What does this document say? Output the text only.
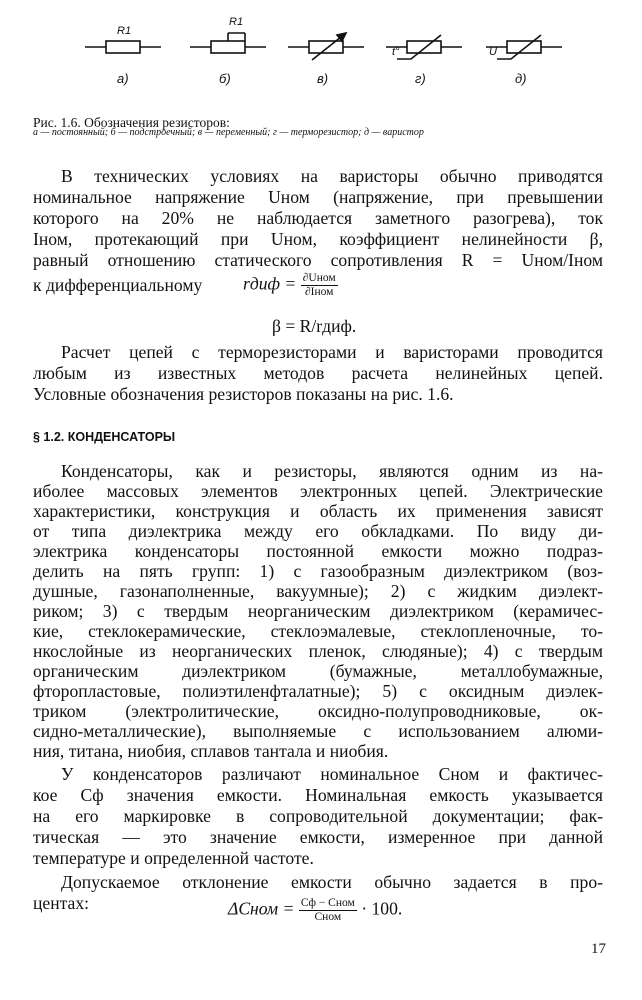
R1
R1
t°	U
а)	б)	в)	г)	д)
Рис. 1.6. Обозначения резисторов:
а — постоянный; б — подстроечный; в — переменный; г — терморезистор; д — варистор
В технических условиях на варисторы обычно приводятся
номинальное напряжение Uном (напряжение, при превышении
которого на 20% не наблюдается заметного разогрева), ток
Iном, протекающий при Uном, коэффициент нелинейности β,
равный отношению статического сопротивления R = Uном/Iном
к дифференциальному	rдиф = $\frac{\text{∂Uном}}{\text{∂Iном}}$
β = R/rдиф.
Расчет цепей с терморезисторами и варисторами проводится
любым из известных методов расчета нелинейных цепей.
Условные обозначения резисторов показаны на рис. 1.6.
§ 1.2. КОНДЕНСАТОРЫ
Конденсаторы, как и резисторы, являются одним из на-
иболее массовых элементов электронных цепей. Электрические
характеристики, конструкция и область их применения зависят
от типа диэлектрика между его обкладками. По виду ди-
электрика конденсаторы постоянной емкости можно подраз-
делить на пять групп: 1) с газообразным диэлектриком (воз-
душные, газонаполненные, вакуумные); 2) с жидким диэлект-
риком; 3) с твердым неорганическим диэлектриком (керамичес-
кие, стеклокерамические, стеклоэмалевые, стеклопленочные, то-
нкослойные из неорганических пленок, слюдяные); 4) с твердым
органическим диэлектриком (бумажные, металлобумажные,
фторопластовые, полиэтиленфталатные); 5) с оксидным диэлек-
триком (электролитические, оксидно-полупроводниковые, ок-
сидно-металлические), выполняемые с использованием алюми-
ния, титана, ниобия, сплавов тантала и ниобия.
У конденсаторов различают номинальное Cном и фактичес-
кое Cф значения емкости. Номинальная емкость указывается
на его маркировке в сопроводительной документации; фак-
тическая — это значение емкости, измеренное при данной
температуре и определенной частоте.
Допускаемое отклонение емкости обычно задается в про-
центах:	ΔCном = $\frac{\text{Cф − Cном}}{\text{Cном}} \cdot 100$.
17
